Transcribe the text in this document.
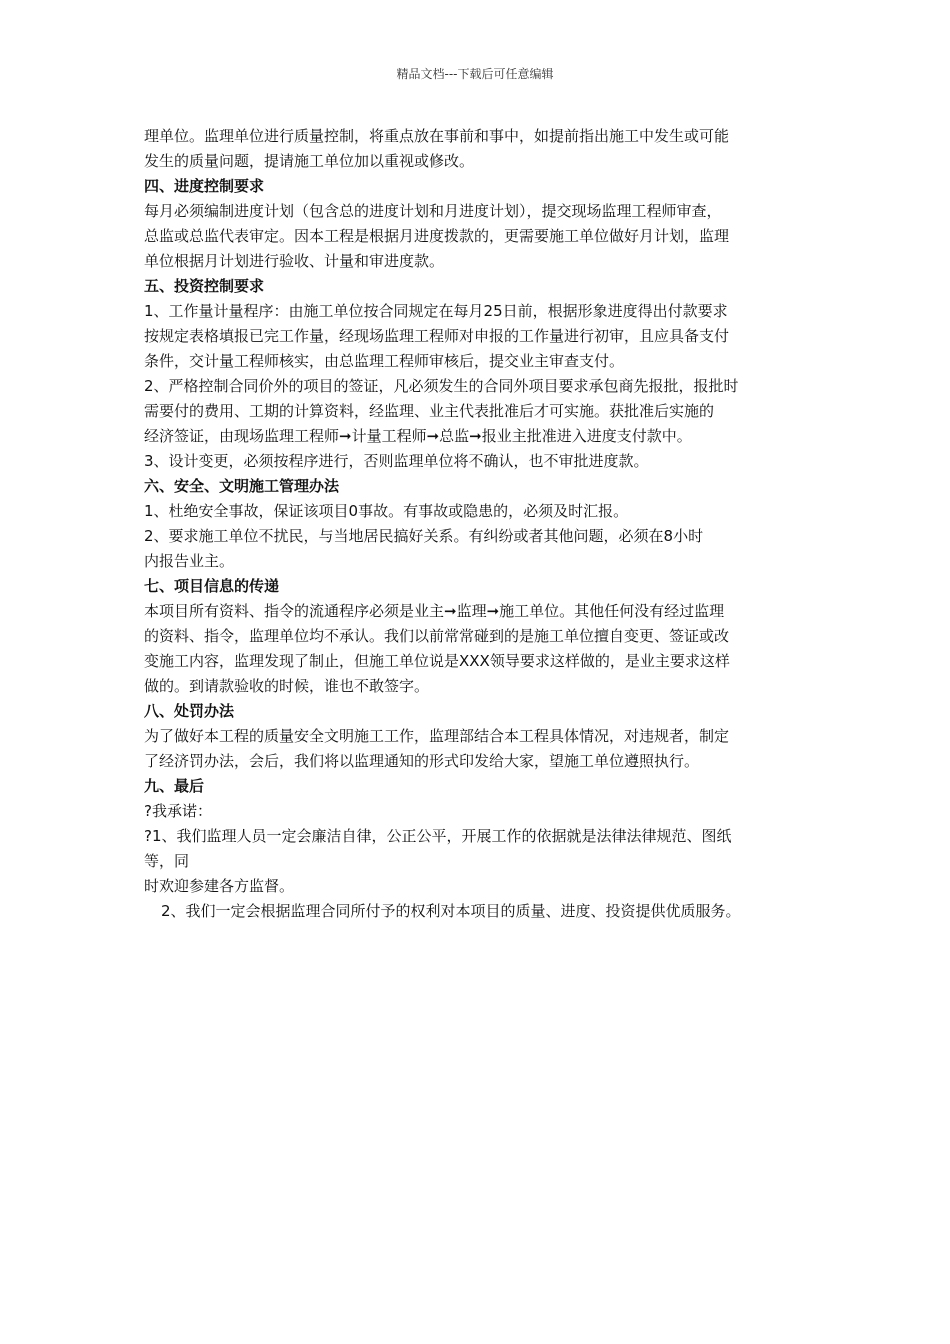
精品文档---下载后可任意编辑
理单位。监理单位进行质量控制，将重点放在事前和事中，如提前指出施工中发生或可能
发生的质量问题，提请施工单位加以重视或修改。
四、进度控制要求
每月必须编制进度计划（包含总的进度计划和月进度计划），提交现场监理工程师审查，
总监或总监代表审定。因本工程是根据月进度拨款的，更需要施工单位做好月计划，监理
单位根据月计划进行验收、计量和审进度款。
五、投资控制要求
1、工作量计量程序：由施工单位按合同规定在每月25日前，根据形象进度得出付款要求
按规定表格填报已完工作量，经现场监理工程师对申报的工作量进行初审，且应具备支付
条件，交计量工程师核实，由总监理工程师审核后，提交业主审查支付。
2、严格控制合同价外的项目的签证，凡必须发生的合同外项目要求承包商先报批，报批时
需要付的费用、工期的计算资料，经监理、业主代表批准后才可实施。获批准后实施的
经济签证，由现场监理工程师➞计量工程师➞总监➞报业主批准进入进度支付款中。
3、设计变更，必须按程序进行，否则监理单位将不确认，也不审批进度款。
六、安全、文明施工管理办法
1、杜绝安全事故，保证该项目0事故。有事故或隐患的，必须及时汇报。
2、要求施工单位不扰民，与当地居民搞好关系。有纠纷或者其他问题，必须在8小时
内报告业主。
七、项目信息的传递
本项目所有资料、指令的流通程序必须是业主➞监理➞施工单位。其他任何没有经过监理
的资料、指令，监理单位均不承认。我们以前常常碰到的是施工单位擅自变更、签证或改
变施工内容，监理发现了制止，但施工单位说是XXX领导要求这样做的，是业主要求这样
做的。到请款验收的时候，谁也不敢签字。
八、处罚办法
为了做好本工程的质量安全文明施工工作，监理部结合本工程具体情况，对违规者，制定
了经济罚办法，会后，我们将以监理通知的形式印发给大家，望施工单位遵照执行。
九、最后
?我承诺：
?1、我们监理人员一定会廉洁自律，公正公平，开展工作的依据就是法律法律规范、图纸
等，同
时欢迎参建各方监督。
2、我们一定会根据监理合同所付予的权利对本项目的质量、进度、投资提供优质服务。
